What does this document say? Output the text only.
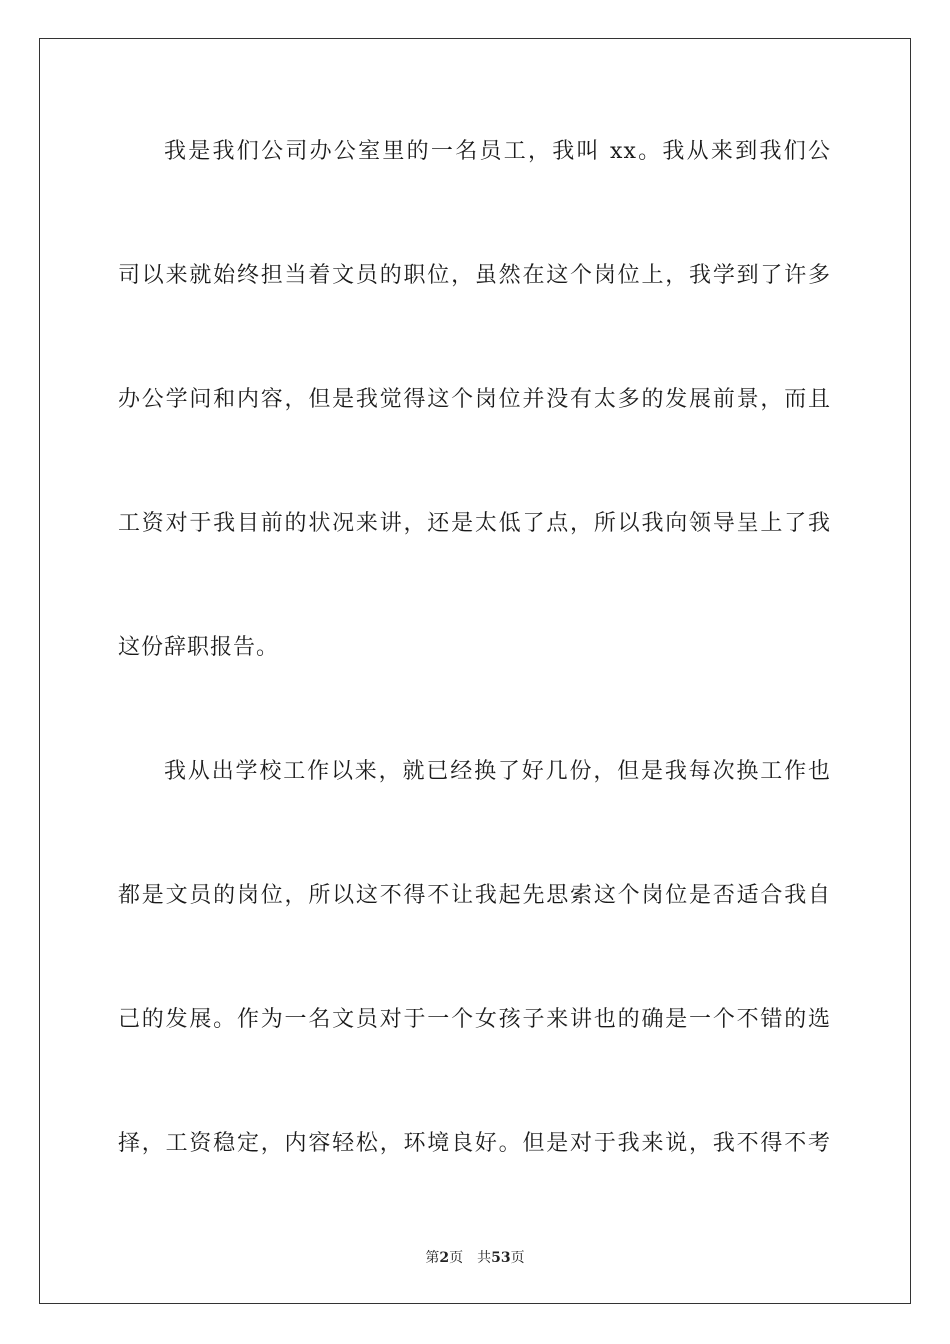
我是我们公司办公室里的一名员工，我叫 xx。我从来到我们公
司以来就始终担当着文员的职位，虽然在这个岗位上，我学到了许多
办公学问和内容，但是我觉得这个岗位并没有太多的发展前景，而且
工资对于我目前的状况来讲，还是太低了点，所以我向领导呈上了我
这份辞职报告。
我从出学校工作以来，就已经换了好几份，但是我每次换工作也
都是文员的岗位，所以这不得不让我起先思索这个岗位是否适合我自
己的发展。作为一名文员对于一个女孩子来讲也的确是一个不错的选
择，工资稳定，内容轻松，环境良好。但是对于我来说，我不得不考
第2页 共53页
